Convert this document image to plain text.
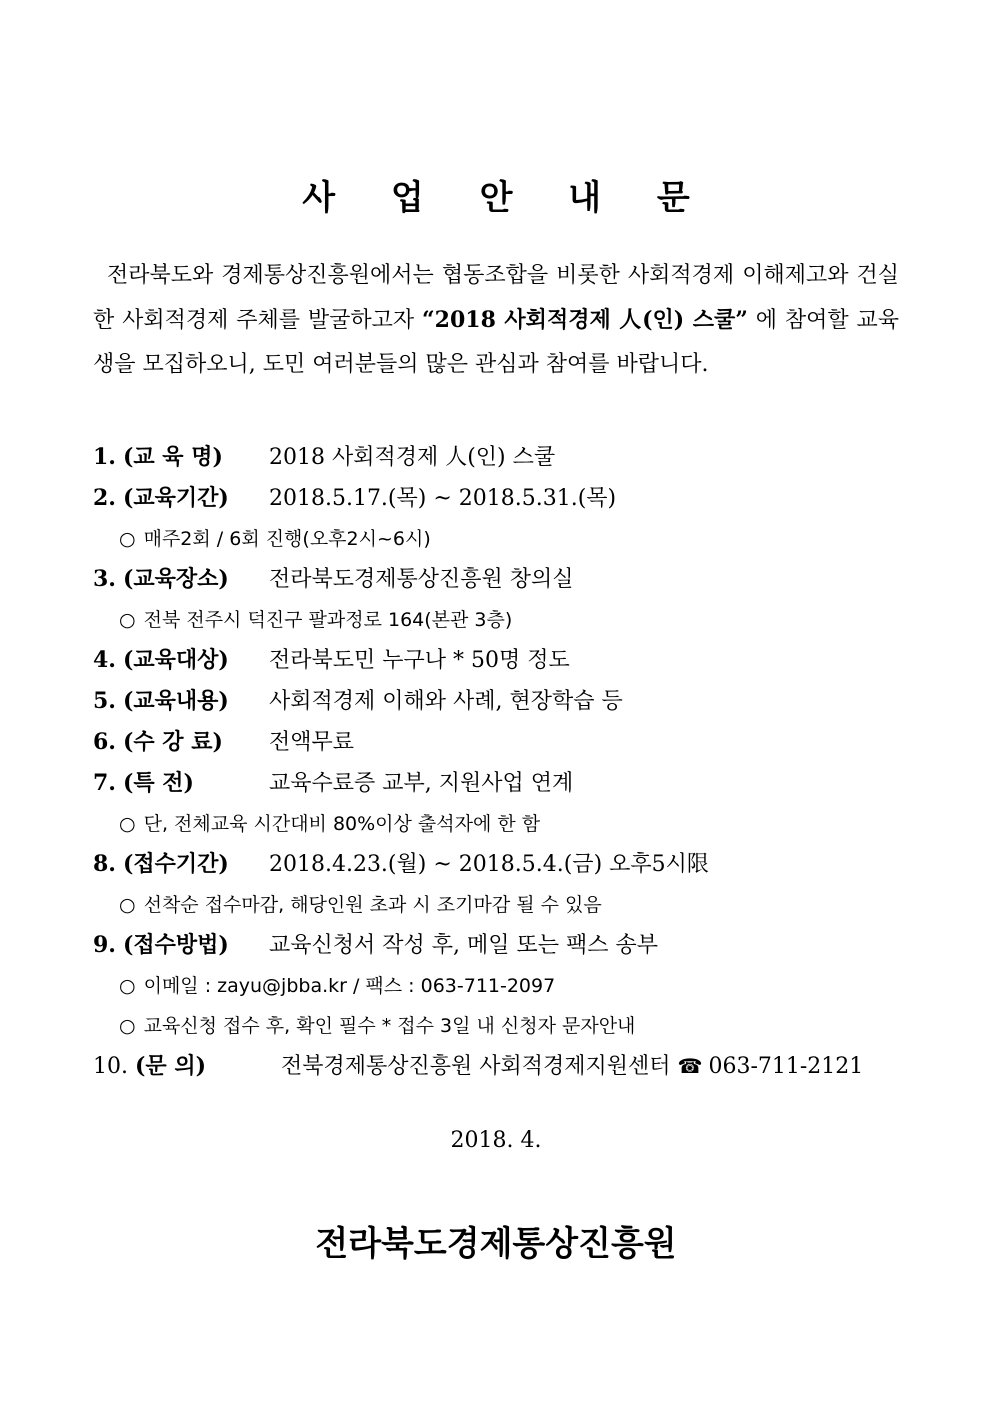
사 업 안 내 문
전라북도와 경제통상진흥원에서는 협동조합을 비롯한 사회적경제 이해제고와 건실한 사회적경제 주체를 발굴하고자 “2018 사회적경제 人(인) 스쿨” 에 참여할 교육생을 모집하오니, 도민 여러분들의 많은 관심과 참여를 바랍니다.
1. (교 육 명) 2018 사회적경제 人(인) 스쿨
2. (교육기간) 2018.5.17.(목) ~ 2018.5.31.(목)
○ 매주2회 / 6회 진행(오후2시~6시)
3. (교육장소) 전라북도경제통상진흥원 창의실
○ 전북 전주시 덕진구 팔과정로 164(본관 3층)
4. (교육대상) 전라북도민 누구나 * 50명 정도
5. (교육내용) 사회적경제 이해와 사례, 현장학습 등
6. (수 강 료) 전액무료
7. (특 전)	교육수료증 교부, 지원사업 연계
○ 단, 전체교육 시간대비 80%이상 출석자에 한 함
8. (접수기간) 2018.4.23.(월) ~ 2018.5.4.(금) 오후5시限
○ 선착순 접수마감, 해당인원 초과 시 조기마감 될 수 있음
9. (접수방법) 교육신청서 작성 후, 메일 또는 팩스 송부
○ 이메일 : zayu@jbba.kr / 팩스 : 063-711-2097
○ 교육신청 접수 후, 확인 필수 * 접수 3일 내 신청자 문자안내
10. (문 의)	전북경제통상진흥원 사회적경제지원센터 ☎ 063-711-2121
2018. 4.
전라북도경제통상진흥원
